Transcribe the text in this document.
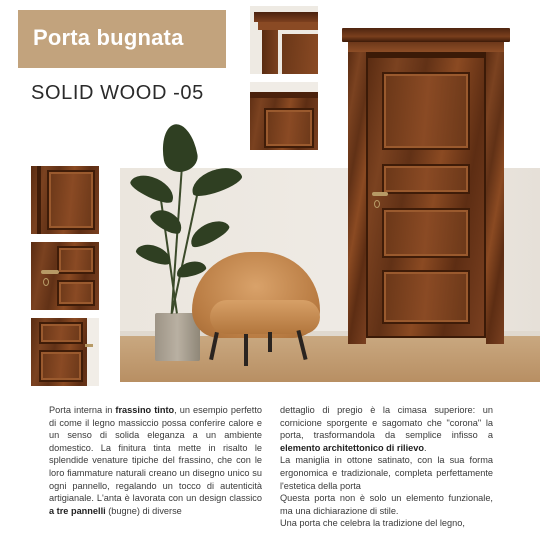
Porta bugnata
SOLID WOOD -05

Porta interna in frassino tinto, un esempio perfetto di come il legno massiccio possa conferire calore e un senso di solida eleganza a un ambiente domestico. La finitura tinta mette in risalto le splendide venature tipiche del frassino, che con le loro fiammature naturali creano un disegno unico su ogni pannello, regalando un tocco di autenticità artigianale. L'anta è lavorata con un design classico a tre pannelli (bugne) di diverse

dettaglio di pregio è la cimasa superiore: un cornicione sporgente e sagomato che "corona" la porta, trasformandola da semplice infisso a elemento architettonico di rilievo.

La maniglia in ottone satinato, con la sua forma ergonomica e tradizionale, completa perfettamente l'estetica della porta

Questa porta non è solo un elemento funzionale, ma una dichiarazione di stile.

Una porta che celebra la tradizione del legno,
